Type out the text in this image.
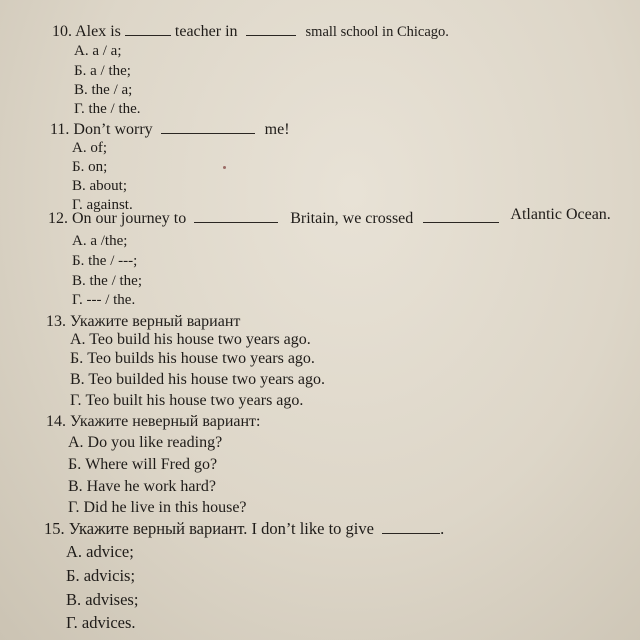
10. Alex is	teacher in	small school in Chicago.
A. a / a;
Б. a / the;
B. the / a;
Г. the / the.
11. Don’t worry	me!
A. of;
Б. on;
B. about;
Г. against.
12. On our journey to	Britain, we crossed	Atlantic Ocean.
A. a /the;
Б. the / ---;
B. the / the;
Г. --- / the.
13. Укажите верный вариант
A. Teo build his house two years ago.
Б. Teo builds his house two years ago.
B. Teo builded his house two years ago.
Г. Teo built his house two years ago.
14. Укажите неверный вариант:
A. Do you like reading?
Б. Where will Fred go?
B. Have he work hard?
Г. Did he live in this house?
15. Укажите верный вариант. I don’t like to give	.
A. advice;
Б. advicis;
B. advises;
Г. advices.
